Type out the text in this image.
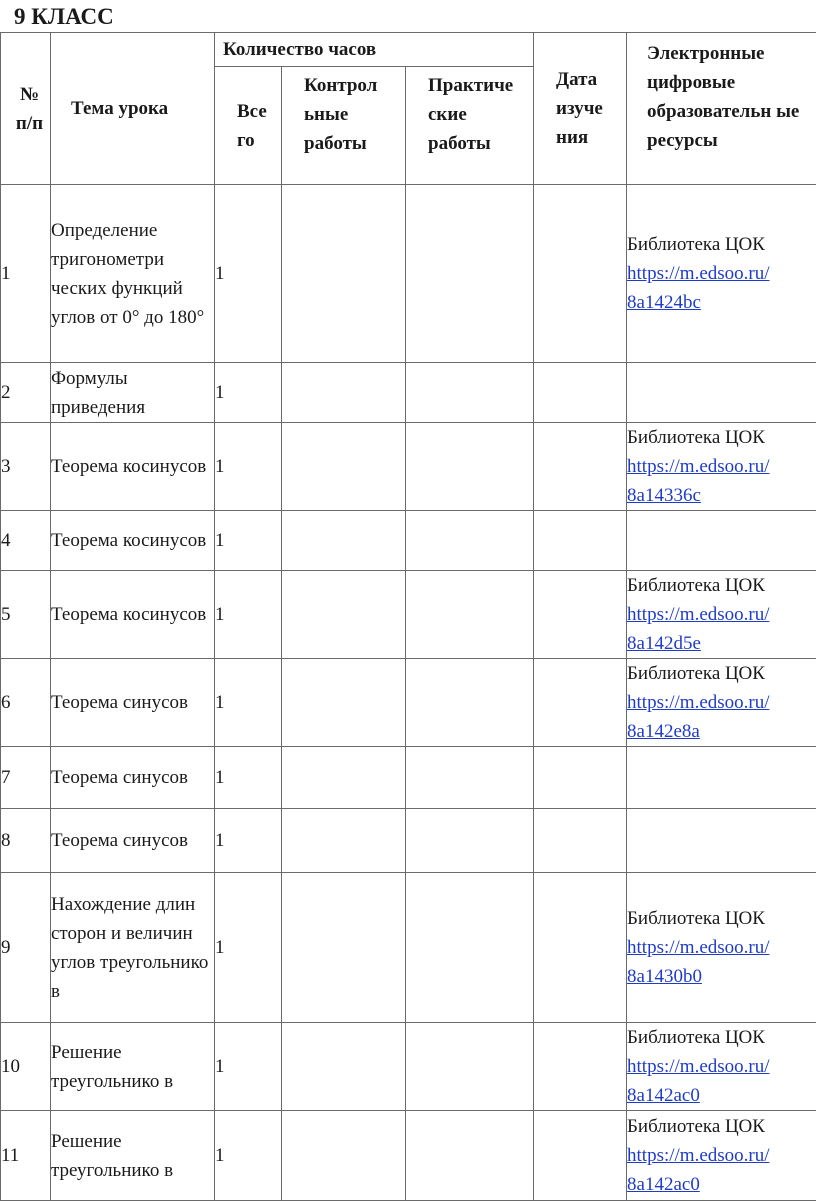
9 КЛАСС
№ п/п	Тема урока	Количество часов			Дата изуче ния	Электронные цифровые образовательн ые ресурсы
		Все го	Контрол ьные работы	Практиче ские работы		
1	Определение тригонометри ческих функций углов от 0° до 180°	1				Библиотека ЦОК
https://m.edsoo.ru/ 8a1424bc

2	Формулы приведения	1				
3	Теорема косинусов	1				Библиотека ЦОК
https://m.edsoo.ru/ 8a14336c

4	Теорема косинусов	1				
5	Теорема косинусов	1				Библиотека ЦОК
https://m.edsoo.ru/ 8a142d5e

6	Теорема синусов	1				Библиотека ЦОК
https://m.edsoo.ru/ 8a142e8a

7	Теорема синусов	1				
8	Теорема синусов	1				
9	Нахождение длин сторон и величин углов треугольнико в	1				Библиотека ЦОК
https://m.edsoo.ru/ 8a1430b0

10	Решение треугольнико в	1				Библиотека ЦОК
https://m.edsoo.ru/ 8a142ac0

11	Решение треугольнико в	1				Библиотека ЦОК
https://m.edsoo.ru/ 8a142ac0
